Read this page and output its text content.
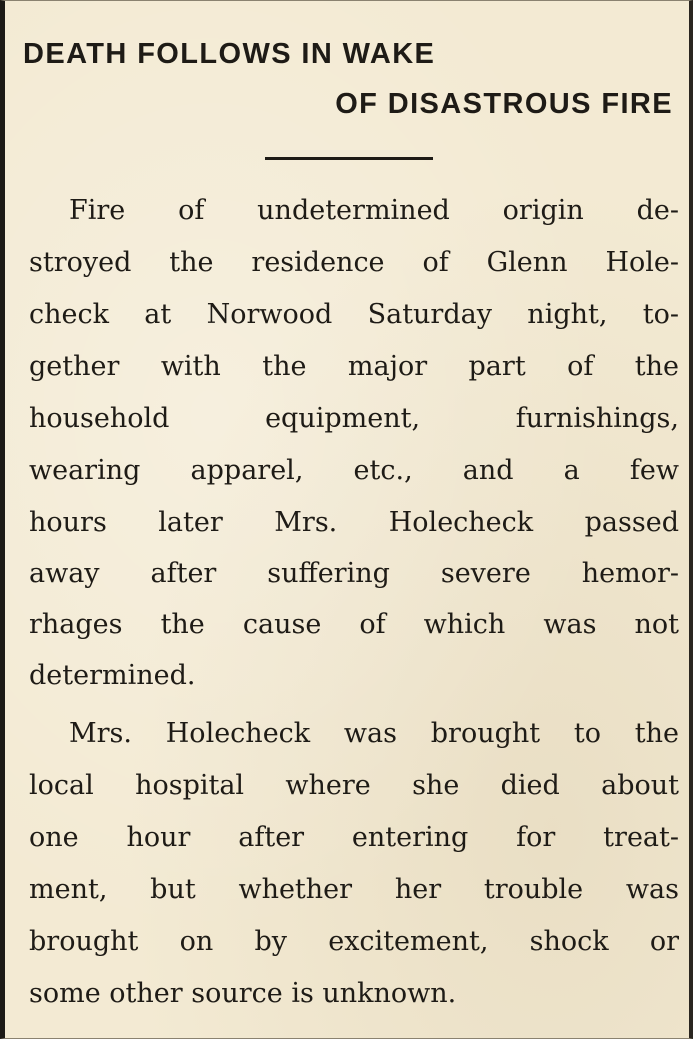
DEATH FOLLOWS IN WAKE
OF DISASTROUS FIRE

Fire of undetermined origin de-

stroyed the residence of Glenn Hole-

check at Norwood Saturday night, to-

gether with the major part of the

household equipment, furnishings,

wearing apparel, etc., and a few

hours later Mrs. Holecheck passed

away after suffering severe hemor-

rhages the cause of which was not

determined.

Mrs. Holecheck was brought to the

local hospital where she died about

one hour after entering for treat-

ment, but whether her trouble was

brought on by excitement, shock or

some other source is unknown.
